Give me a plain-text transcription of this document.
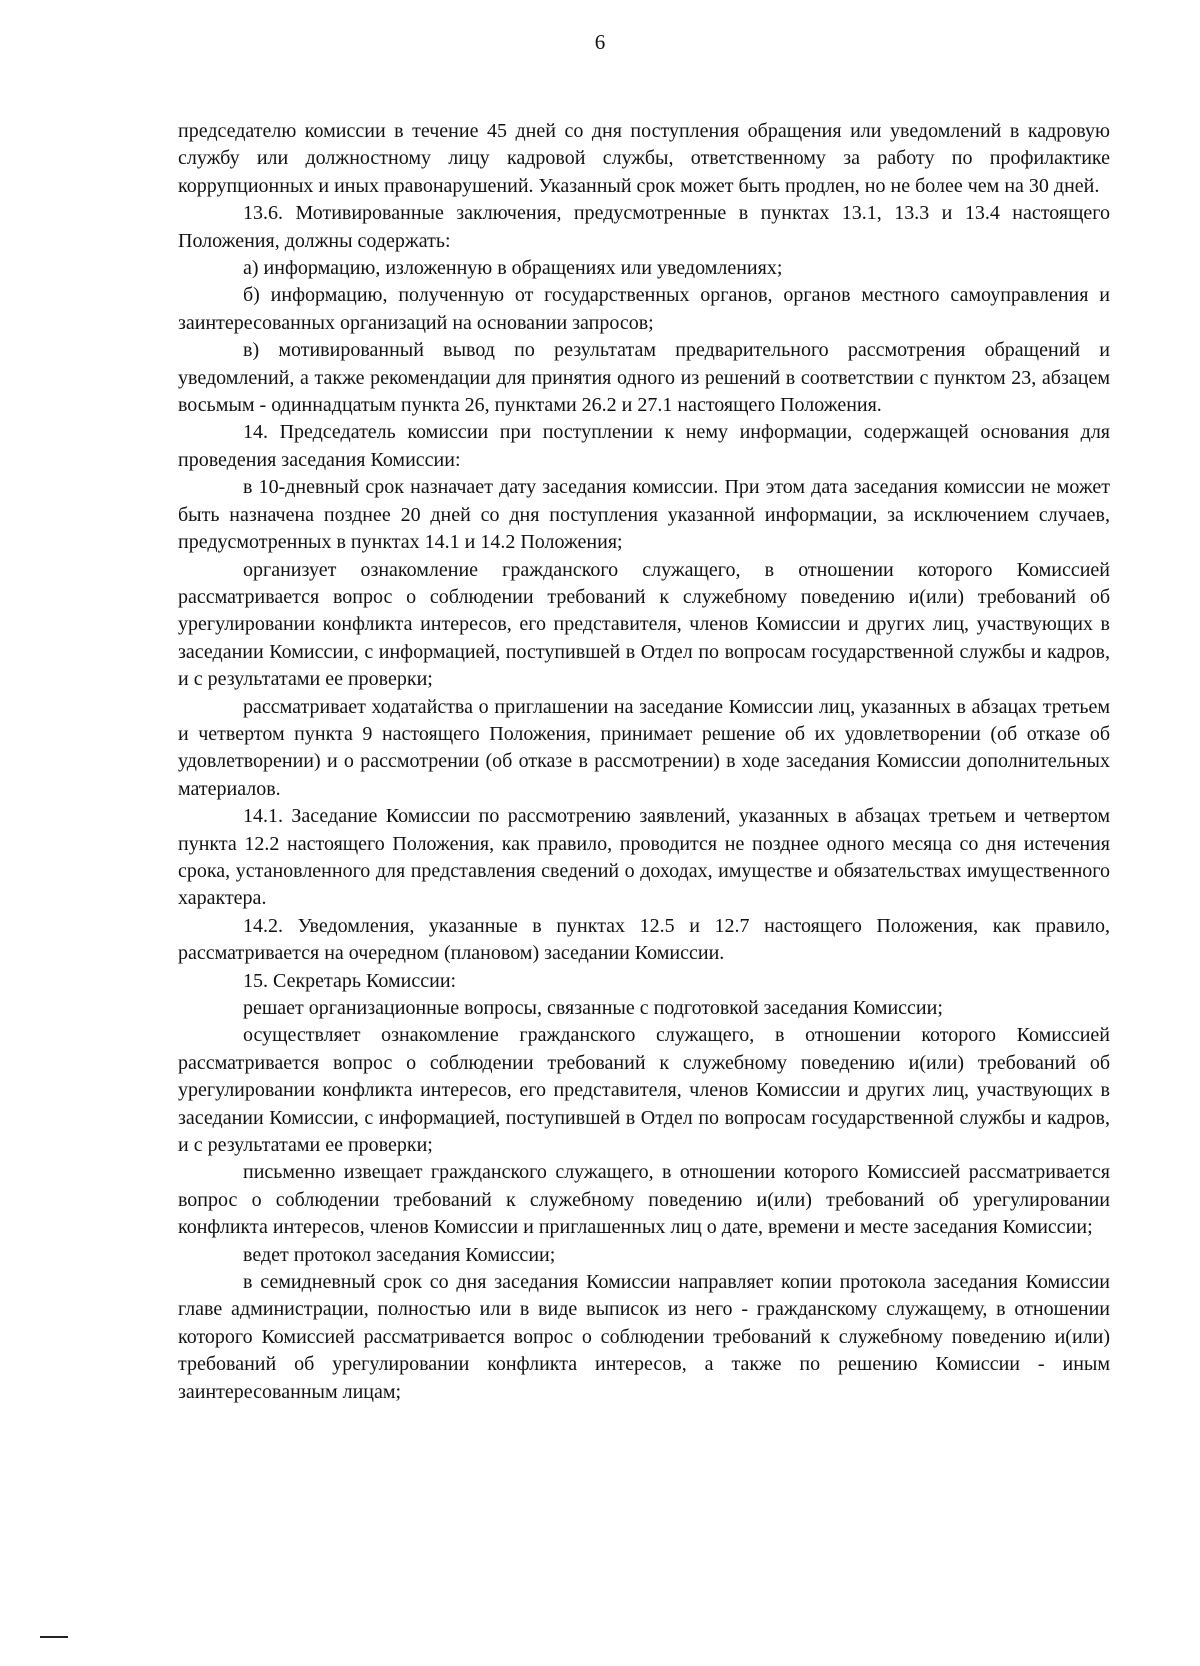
6

председателю комиссии в течение 45 дней со дня поступления обращения или уведомлений в кадровую службу или должностному лицу кадровой службы, ответственному за работу по профилактике коррупционных и иных правонарушений. Указанный срок может быть продлен, но не более чем на 30 дней.

13.6. Мотивированные заключения, предусмотренные в пунктах 13.1, 13.3 и 13.4 настоящего Положения, должны содержать:

а) информацию, изложенную в обращениях или уведомлениях;

б) информацию, полученную от государственных органов, органов местного самоуправления и заинтересованных организаций на основании запросов;

в) мотивированный вывод по результатам предварительного рассмотрения обращений и уведомлений, а также рекомендации для принятия одного из решений в соответствии с пунктом 23, абзацем восьмым - одиннадцатым пункта 26, пунктами 26.2 и 27.1 настоящего Положения.

14. Председатель комиссии при поступлении к нему информации, содержащей основания для проведения заседания Комиссии:

в 10-дневный срок назначает дату заседания комиссии. При этом дата заседания комиссии не может быть назначена позднее 20 дней со дня поступления указанной информации, за исключением случаев, предусмотренных в пунктах 14.1 и 14.2 Положения;

организует ознакомление гражданского служащего, в отношении которого Комиссией рассматривается вопрос о соблюдении требований к служебному поведению и(или) требований об урегулировании конфликта интересов, его представителя, членов Комиссии и других лиц, участвующих в заседании Комиссии, с информацией, поступившей в Отдел по вопросам государственной службы и кадров, и с результатами ее проверки;

рассматривает ходатайства о приглашении на заседание Комиссии лиц, указанных в абзацах третьем и четвертом пункта 9 настоящего Положения, принимает решение об их удовлетворении (об отказе об удовлетворении) и о рассмотрении (об отказе в рассмотрении) в ходе заседания Комиссии дополнительных материалов.

14.1. Заседание Комиссии по рассмотрению заявлений, указанных в абзацах третьем и четвертом пункта 12.2 настоящего Положения, как правило, проводится не позднее одного месяца со дня истечения срока, установленного для представления сведений о доходах, имуществе и обязательствах имущественного характера.

14.2. Уведомления, указанные в пунктах 12.5 и 12.7 настоящего Положения, как правило, рассматривается на очередном (плановом) заседании Комиссии.

15. Секретарь Комиссии:

решает организационные вопросы, связанные с подготовкой заседания Комиссии;

осуществляет ознакомление гражданского служащего, в отношении которого Комиссией рассматривается вопрос о соблюдении требований к служебному поведению и(или) требований об урегулировании конфликта интересов, его представителя, членов Комиссии и других лиц, участвующих в заседании Комиссии, с информацией, поступившей в Отдел по вопросам государственной службы и кадров, и с результатами ее проверки;

письменно извещает гражданского служащего, в отношении которого Комиссией рассматривается вопрос о соблюдении требований к служебному поведению и(или) требований об урегулировании конфликта интересов, членов Комиссии и приглашенных лиц о дате, времени и месте заседания Комиссии;

ведет протокол заседания Комиссии;

в семидневный срок со дня заседания Комиссии направляет копии протокола заседания Комиссии главе администрации, полностью или в виде выписок из него - гражданскому служащему, в отношении которого Комиссией рассматривается вопрос о соблюдении требований к служебному поведению и(или) требований об урегулировании конфликта интересов, а также по решению Комиссии - иным заинтересованным лицам;
